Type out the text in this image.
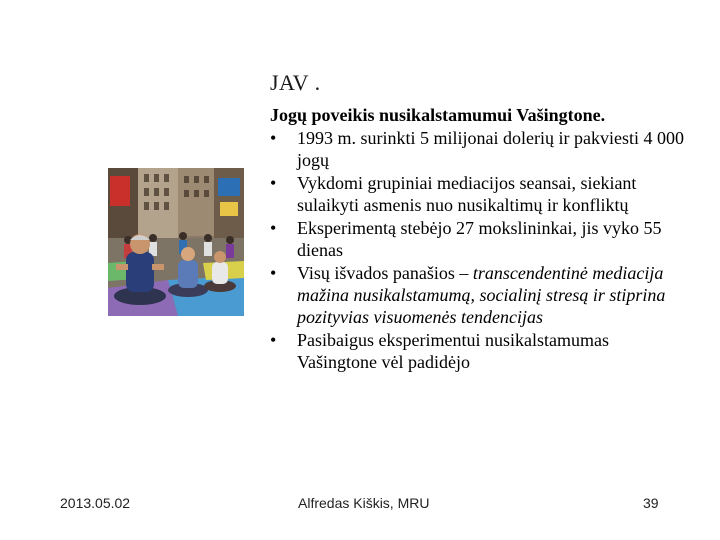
JAV .
Jogų poveikis nusikalstamumui Vašingtone.
• 1993 m. surinkti 5 milijonai dolerių ir pakviesti 4 000 jogų
• Vykdomi grupiniai mediacijos seansai, siekiant sulaikyti asmenis nuo nusikaltimų ir konfliktų
• Eksperimentą stebėjo 27 mokslininkai, jis vyko 55 dienas
• Visų išvados panašios – transcendentinė mediacija mažina nusikalstamumą, socialinį stresą ir stiprina pozityvias visuomenės tendencijas
• Pasibaigus eksperimentui nusikalstamumas Vašingtone vėl padidėjo
2013.05.02	Alfredas Kiškis, MRU	39
